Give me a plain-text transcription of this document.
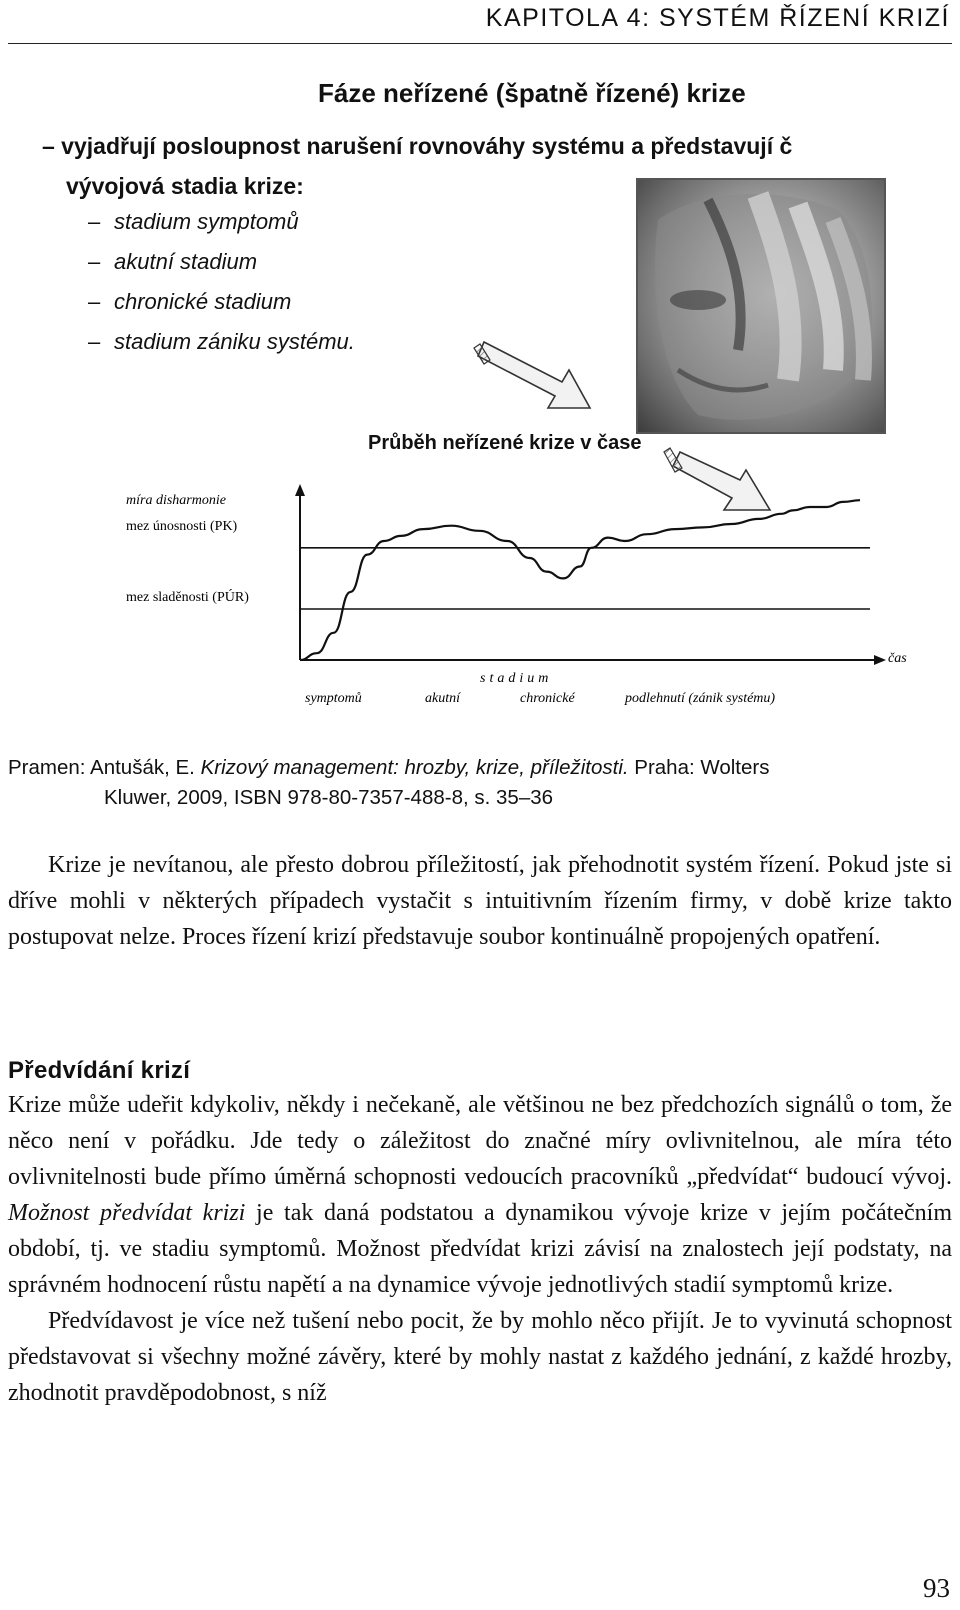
KAPITOLA 4: SYSTÉM ŘÍZENÍ KRIZÍ
Fáze neřízené (špatně řízené) krize
– vyjadřují posloupnost narušení rovnováhy systému a představují č
vývojová stadia krize:
– stadium symptomů
– akutní stadium
– chronické stadium
– stadium zániku systému.
Průběh neřízené krize v čase
čas
míra disharmonie
mez únosnosti (PK)
mez sladěnosti (PÚR)
stadium
symptomů	akutní	chronické	podlehnutí (zánik systému)
Pramen: Antušák, E. Krizový management: hrozby, krize, příležitosti. Praha: Wolters
Kluwer, 2009, ISBN 978-80-7357-488-8, s. 35–36
Krize je nevítanou, ale přesto dobrou příležitostí, jak přehodnotit systém řízení. Pokud jste si dříve mohli v některých případech vystačit s intuitivním řízením firmy, v době krize takto postupovat nelze. Proces řízení krizí představuje soubor kontinuálně propojených opatření.
Předvídání krizí
Krize může udeřit kdykoliv, někdy i nečekaně, ale většinou ne bez předchozích signálů o tom, že něco není v pořádku. Jde tedy o záležitost do značné míry ovlivnitelnou, ale míra této ovlivnitelnosti bude přímo úměrná schopnosti vedoucích pracovníků „předvídat“ budoucí vývoj. Možnost předvídat krizi je tak daná podstatou a dynamikou vývoje krize v jejím počátečním období, tj. ve stadiu symptomů. Možnost předvídat krizi závisí na znalostech její podstaty, na správném hodnocení růstu napětí a na dynamice vývoje jednotlivých stadií symptomů krize.
Předvídavost je více než tušení nebo pocit, že by mohlo něco přijít. Je to vyvinutá schopnost představovat si všechny možné závěry, které by mohly nastat z každého jednání, z každé hrozby, zhodnotit pravděpodobnost, s níž
93
